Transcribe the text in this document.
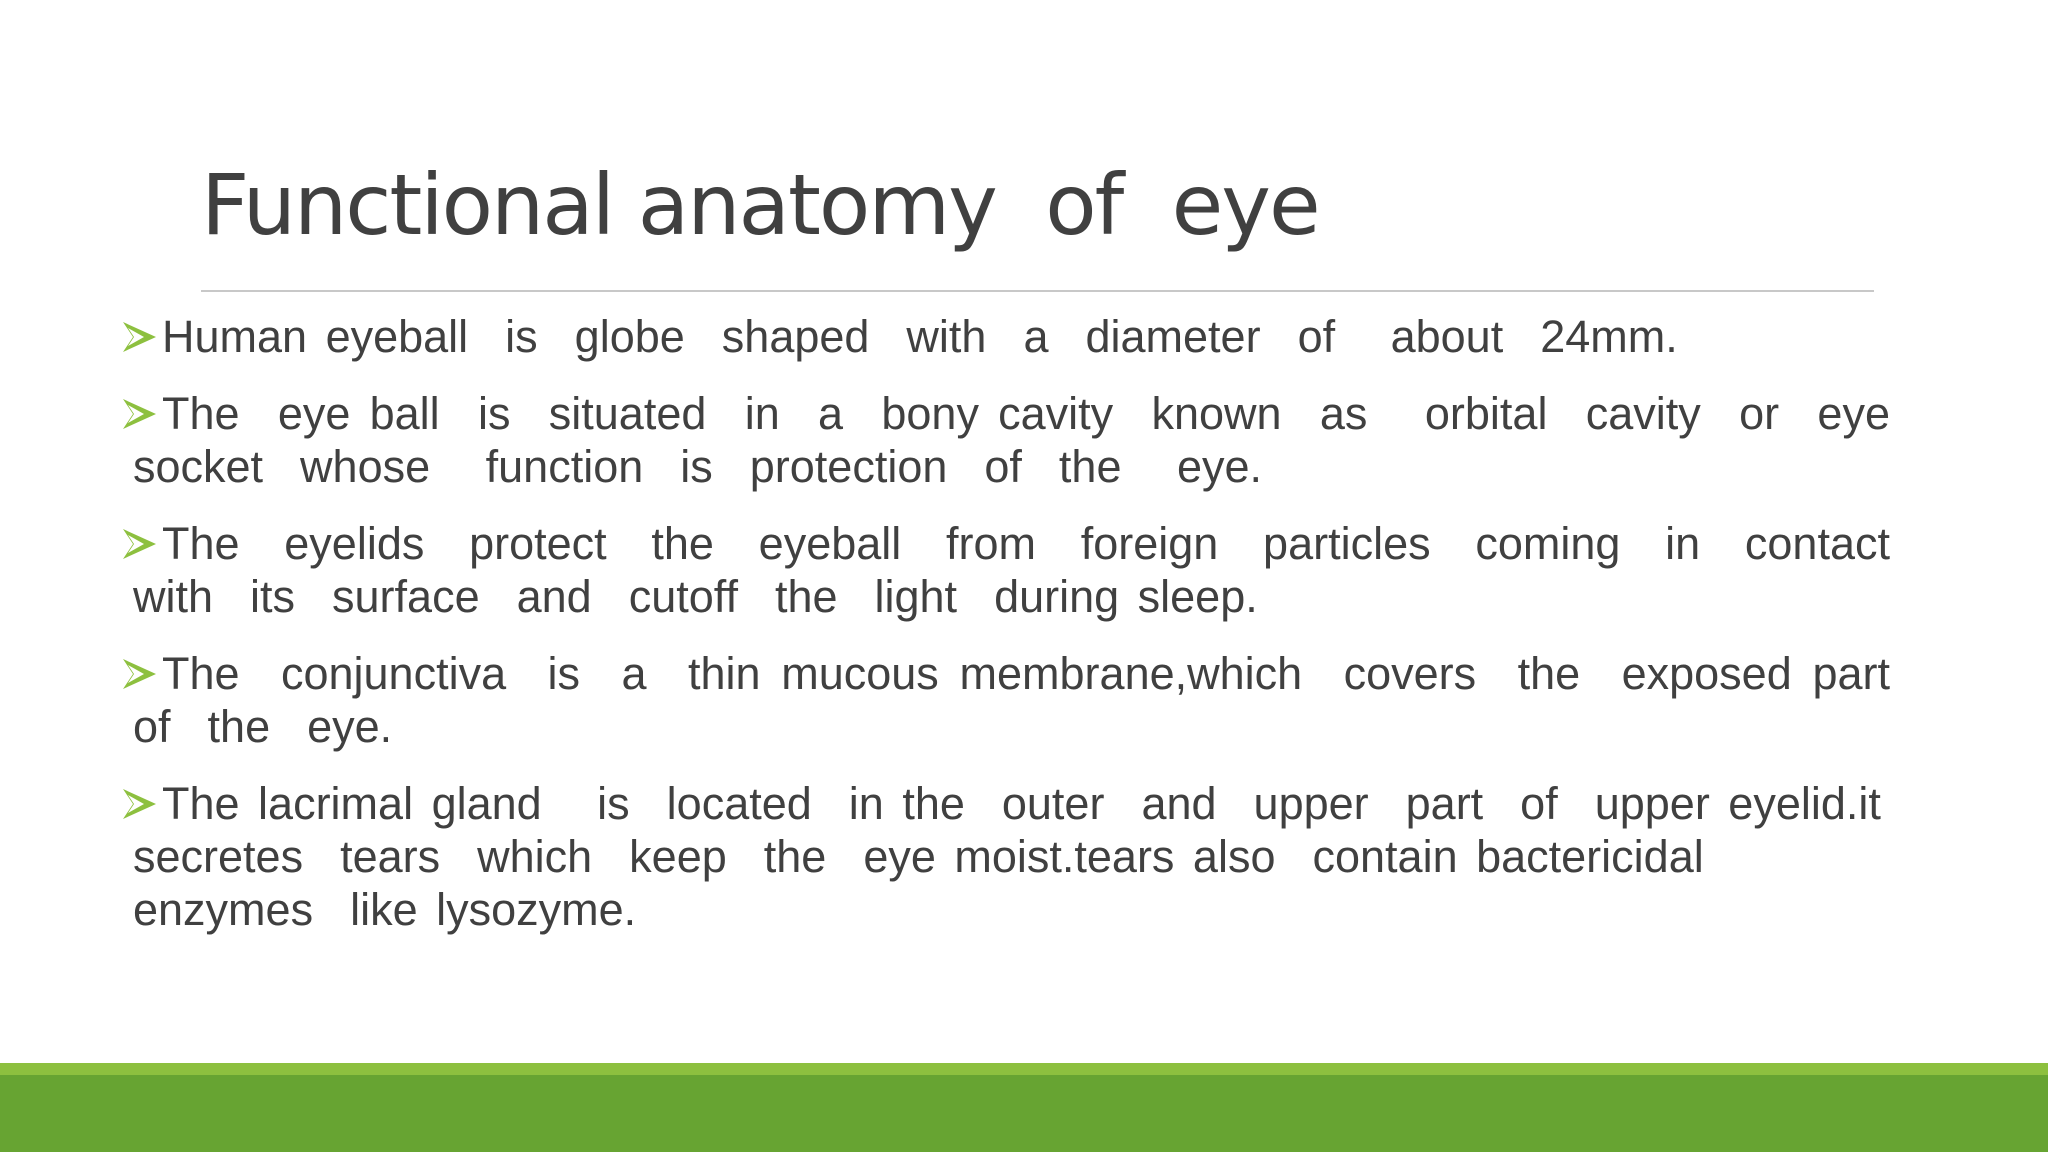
Functional anatomy  of  eye
Human eyeball  is  globe  shaped  with  a  diameter  of   about  24mm.
The  eye ball  is  situated  in  a  bony cavity  known  as   orbital  cavity  or  eye socket  whose   function  is  protection  of  the   eye.
The  eyelids  protect  the  eyeball  from  foreign  particles  coming  in  contact with  its  surface  and  cutoff  the  light  during sleep.
The  conjunctiva  is  a  thin mucous membrane,which  covers  the  exposed part  of  the  eye.
The lacrimal gland   is  located  in the  outer  and  upper  part  of  upper eyelid.it  secretes  tears  which  keep  the  eye moist.tears also  contain bactericidal  enzymes  like lysozyme.
